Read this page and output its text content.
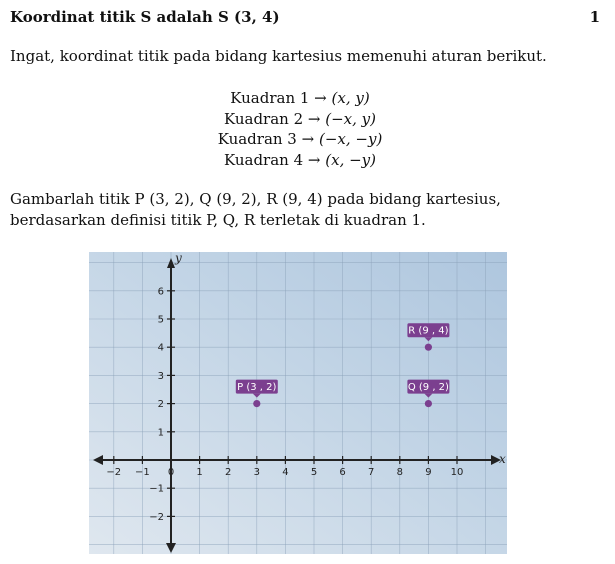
Koordinat titik S adalah S (3, 4)	1
Ingat, koordinat titik pada bidang kartesius memenuhi aturan berikut.
Kuadran 1 → (x, y)
Kuadran 2 → (−x, y)
Kuadran 3 → (−x, −y)
Kuadran 4 → (x, −y)
Gambarlah titik P (3, 2), Q (9, 2), R (9, 4) pada bidang kartesius, berdasarkan definisi titik P, Q, R terletak di kuadran 1.
x
y
−2 −1 0 1 2 3 4 5 6 7 8 9 10
−2
−1
1
2
3
4
5
6
P (3 , 2)	Q (9 , 2)
R (9 , 4)
